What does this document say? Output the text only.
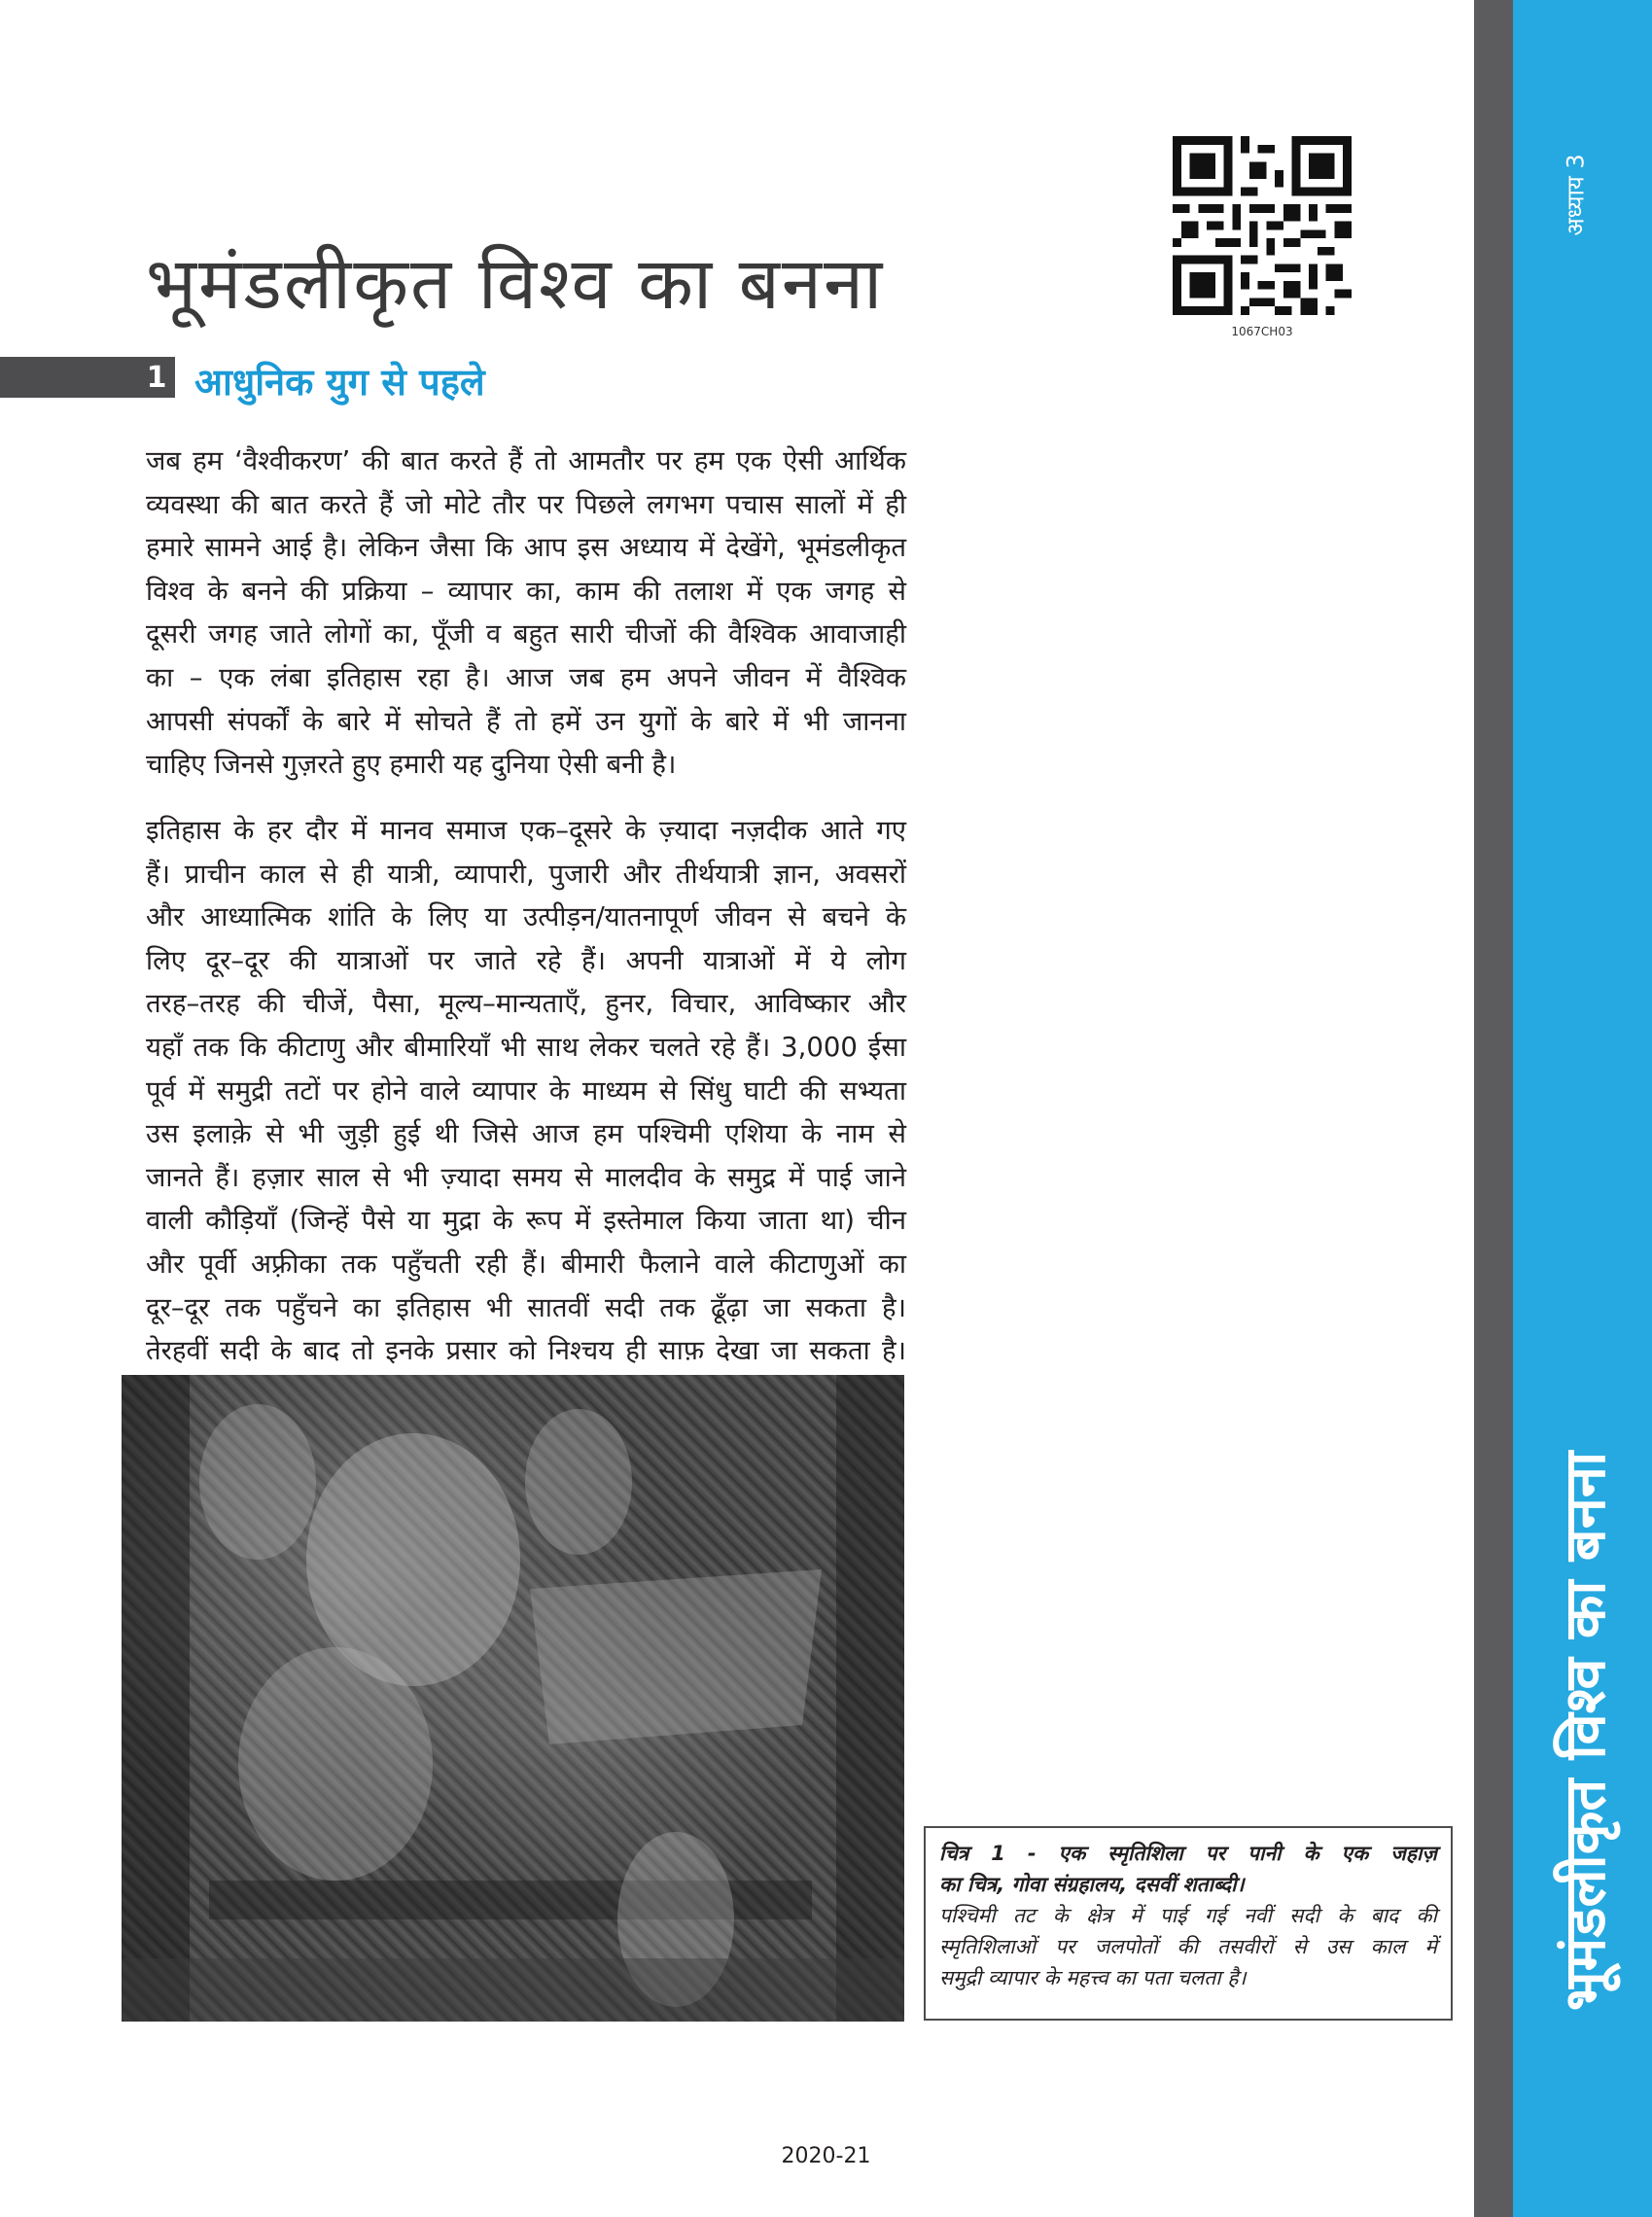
अध्याय 3
भूमंडलीकृत विश्व का बनना
1067CH03
भूमंडलीकृत विश्व का बनना
1 आधुनिक युग से पहले
जब हम ‘वैश्वीकरण’ की बात करते हैं तो आमतौर पर हम एक ऐसी आर्थिक
व्यवस्था की बात करते हैं जो मोटे तौर पर पिछले लगभग पचास सालों में ही
हमारे सामने आई है। लेकिन जैसा कि आप इस अध्याय में देखेंगे, भूमंडलीकृत
विश्व के बनने की प्रक्रिया – व्यापार का, काम की तलाश में एक जगह से
दूसरी जगह जाते लोगों का, पूँजी व बहुत सारी चीजों की वैश्विक आवाजाही
का – एक लंबा इतिहास रहा है। आज जब हम अपने जीवन में वैश्विक
आपसी संपर्कों के बारे में सोचते हैं तो हमें उन युगों के बारे में भी जानना
चाहिए जिनसे गुज़रते हुए हमारी यह दुनिया ऐसी बनी है।
इतिहास के हर दौर में मानव समाज एक–दूसरे के ज़्यादा नज़दीक आते गए
हैं। प्राचीन काल से ही यात्री, व्यापारी, पुजारी और तीर्थयात्री ज्ञान, अवसरों
और आध्यात्मिक शांति के लिए या उत्पीड़न/यातनापूर्ण जीवन से बचने के
लिए दूर–दूर की यात्राओं पर जाते रहे हैं। अपनी यात्राओं में ये लोग
तरह–तरह की चीजें, पैसा, मूल्य–मान्यताएँ, हुनर, विचार, आविष्कार और
यहाँ तक कि कीटाणु और बीमारियाँ भी साथ लेकर चलते रहे हैं। 3,000 ईसा
पूर्व में समुद्री तटों पर होने वाले व्यापार के माध्यम से सिंधु घाटी की सभ्यता
उस इलाक़े से भी जुड़ी हुई थी जिसे आज हम पश्चिमी एशिया के नाम से
जानते हैं। हज़ार साल से भी ज़्यादा समय से मालदीव के समुद्र में पाई जाने
वाली कौड़ियाँ (जिन्हें पैसे या मुद्रा के रूप में इस्तेमाल किया जाता था) चीन
और पूर्वी अफ़्रीका तक पहुँचती रही हैं। बीमारी फैलाने वाले कीटाणुओं का
दूर–दूर तक पहुँचने का इतिहास भी सातवीं सदी तक ढूँढ़ा जा सकता है।
तेरहवीं सदी के बाद तो इनके प्रसार को निश्चय ही साफ़ देखा जा सकता है।
चित्र 1 - एक स्मृतिशिला पर पानी के एक जहाज़
का चित्र, गोवा संग्रहालय, दसवीं शताब्दी।
पश्चिमी तट के क्षेत्र में पाई गई नवीं सदी के बाद की
स्मृतिशिलाओं पर जलपोतों की तसवीरों से उस काल में
समुद्री व्यापार के महत्त्व का पता चलता है।
2020-21
